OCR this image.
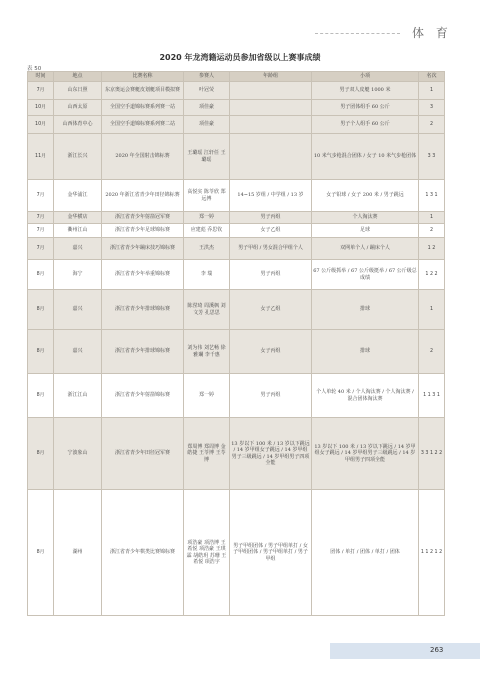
体 育
2020 年龙湾籍运动员参加省级以上赛事成绩
表 50
时间	地点	比赛名称	参赛人	年龄组	小项	名次
7月	山东日照	东京奥运会赛艇皮划艇项目模拟赛	叶冠荧		男子双人皮艇 1000 米	1
10月	山西太原	全国空手道锦标赛系列赛一站	项佳豪		男子团体组手 60 公斤	3
10月	山西体育中心	全国空手道锦标赛系列赛二站	项佳豪		男子个人组手 60 公斤	2
11月	浙江长兴	2020 年全国射击锦标赛	王璐瑶 江轩任 王璐瑶		10 米气步枪混合团体 / 女子 10 米气步枪团体	3 3
7月	金华浦江	2020 年浙江省青少年田径锦标赛	高悦实 陈苓欣 郑远博	14~15 岁组 / 中学组 / 13 岁	女子铅球 / 女子 200 米 / 男子跳远	1 3 1
7月	金华横店	浙江省青少年射箭冠军赛	郑一婷	男子丙组	个人淘汰赛	1
7月	衢州江山	浙江省青少年足球锦标赛	应建彪 乔思钦	女子乙组	足球	2
7月	嘉兴	浙江省青少年蹦床技巧锦标赛	王洪杰	男子甲组 / 男女混合甲组个人	双网单个人 / 蹦床个人	1 2
8月	海宁	浙江省青少年举重锦标赛	李 瑞	男子丙组	67 公斤级抓举 / 67 公斤级挺举 / 67 公斤级总成绩	1 2 2
8月	嘉兴	浙江省青少年排球锦标赛	陈滢琦 周溪枫 刘文芳 孔思思	女子乙组	排球	1
8月	嘉兴	浙江省青少年排球锦标赛	刘为伟 刘艺畅 徐雅斓 李千惠	女子丙组	排球	2
8月	浙江江山	浙江省青少年射箭锦标赛	郑一婷	男子丙组	个人单轮 40 米 / 个人淘汰赛 / 个人淘汰赛 / 混合团体淘汰赛	1 1 3 1
8月	宁波象山	浙江省青少年田径冠军赛	郑周博 郑周博 金皓捷 王苓博 王苓博	13 岁以下 100 米 / 13 岁以下跳远 / 14 岁甲组女子跳远 / 14 岁甲组男子三级跳远 / 14 岁甲组男子四项全能	13 岁以下 100 米 / 13 岁以下跳远 / 14 岁甲组女子跳远 / 14 岁甲组男子三级跳远 / 14 岁甲组男子四项全能	3 3 1 2 2
8月	湖州	浙江省青少年棋类比赛锦标赛	项浩豪 项浩博 王希悦 项浩豪 王琪霖 胡皓玥 苏珊 王希悦 项浩宇	男子甲组团体 / 男子甲组单打 / 女子甲组团体 / 男子甲组单打 / 男子甲组	团体 / 单打 / 团体 / 单打 / 团体	1 1 2 1 2
263
